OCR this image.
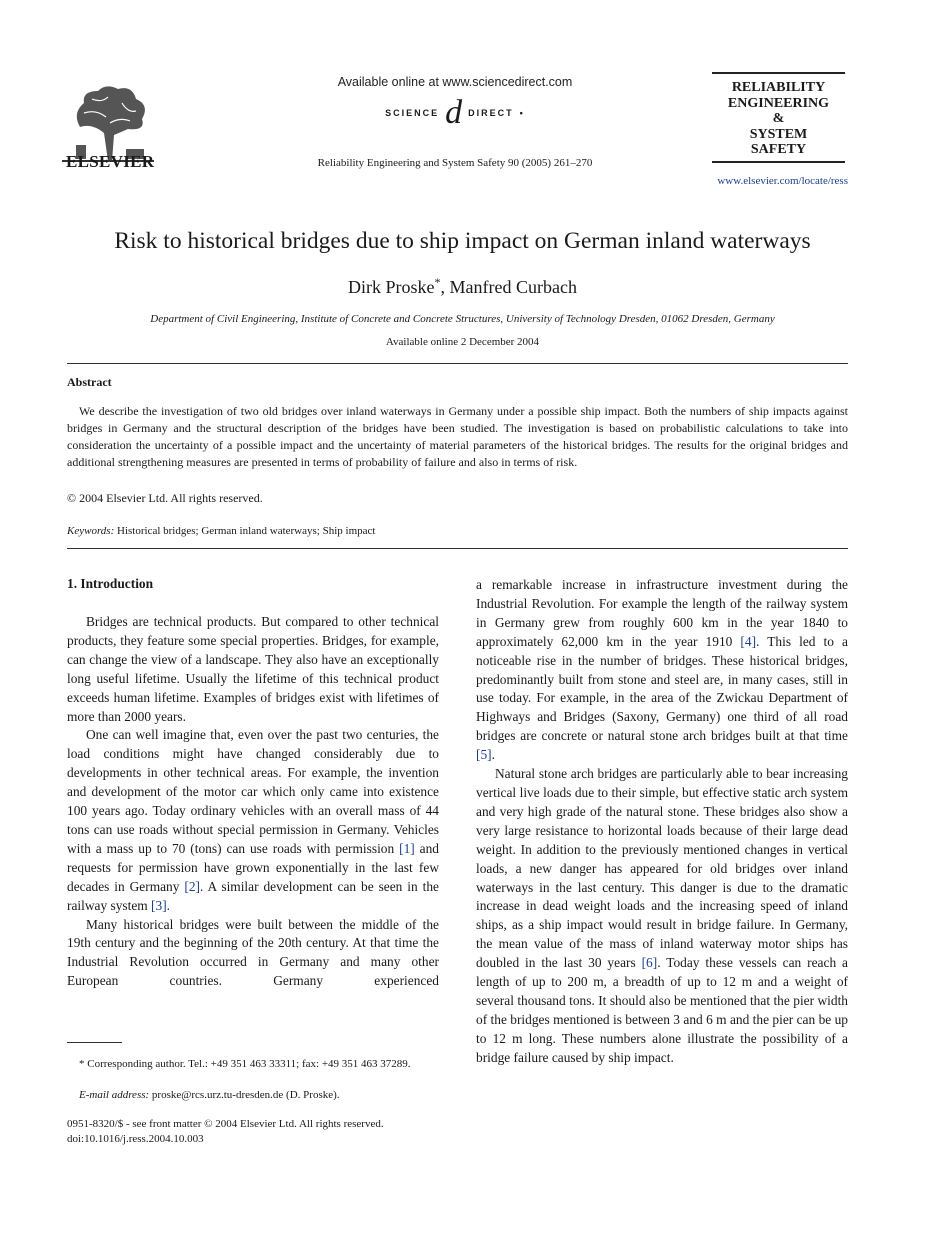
ELSEVIER
Available online at www.sciencedirect.com
SCIENCE d DIRECT •
Reliability Engineering and System Safety 90 (2005) 261–270
RELIABILITY
ENGINEERING
&
SYSTEM
SAFETY
www.elsevier.com/locate/ress
Risk to historical bridges due to ship impact on German inland waterways
Dirk Proske*, Manfred Curbach
Department of Civil Engineering, Institute of Concrete and Concrete Structures, University of Technology Dresden, 01062 Dresden, Germany
Available online 2 December 2004
Abstract

We describe the investigation of two old bridges over inland waterways in Germany under a possible ship impact. Both the numbers of ship impacts against bridges in Germany and the structural description of the bridges have been studied. The investigation is based on probabilistic calculations to take into consideration the uncertainty of a possible impact and the uncertainty of material parameters of the historical bridges. The results for the original bridges and additional strengthening measures are presented in terms of probability of failure and also in terms of risk.

© 2004 Elsevier Ltd. All rights reserved.
Keywords: Historical bridges; German inland waterways; Ship impact
1. Introduction

Bridges are technical products. But compared to other technical products, they feature some special properties. Bridges, for example, can change the view of a landscape. They also have an exceptionally long useful lifetime. Usually the lifetime of this technical product exceeds human lifetime. Examples of bridges exist with lifetimes of more than 2000 years.

One can well imagine that, even over the past two centuries, the load conditions might have changed considerably due to developments in other technical areas. For example, the invention and development of the motor car which only came into existence 100 years ago. Today ordinary vehicles with an overall mass of 44 tons can use roads without special permission in Germany. Vehicles with a mass up to 70 (tons) can use roads with permission [1] and requests for permission have grown exponentially in the last few decades in Germany [2]. A similar development can be seen in the railway system [3].

Many historical bridges were built between the middle of the 19th century and the beginning of the 20th century. At that time the Industrial Revolution occurred in Germany and many other European countries. Germany experienced

a remarkable increase in infrastructure investment during the Industrial Revolution. For example the length of the railway system in Germany grew from roughly 600 km in the year 1840 to approximately 62,000 km in the year 1910 [4]. This led to a noticeable rise in the number of bridges. These historical bridges, predominantly built from stone and steel are, in many cases, still in use today. For example, in the area of the Zwickau Department of Highways and Bridges (Saxony, Germany) one third of all road bridges are concrete or natural stone arch bridges built at that time [5].

Natural stone arch bridges are particularly able to bear increasing vertical live loads due to their simple, but effective static arch system and very high grade of the natural stone. These bridges also show a very large resistance to horizontal loads because of their large dead weight. In addition to the previously mentioned changes in vertical loads, a new danger has appeared for old bridges over inland waterways in the last century. This danger is due to the dramatic increase in dead weight loads and the increasing speed of inland ships, as a ship impact would result in bridge failure. In Germany, the mean value of the mass of inland waterway motor ships has doubled in the last 30 years [6]. Today these vessels can reach a length of up to 200 m, a breadth of up to 12 m and a weight of several thousand tons. It should also be mentioned that the pier width of the bridges mentioned is between 3 and 6 m and the pier can be up to 12 m long. These numbers alone illustrate the possibility of a bridge failure caused by ship impact.

* Corresponding author. Tel.: +49 351 463 33311; fax: +49 351 463 37289.

E-mail address: proske@rcs.urz.tu-dresden.de (D. Proske).
0951-8320/$ - see front matter © 2004 Elsevier Ltd. All rights reserved.
doi:10.1016/j.ress.2004.10.003
